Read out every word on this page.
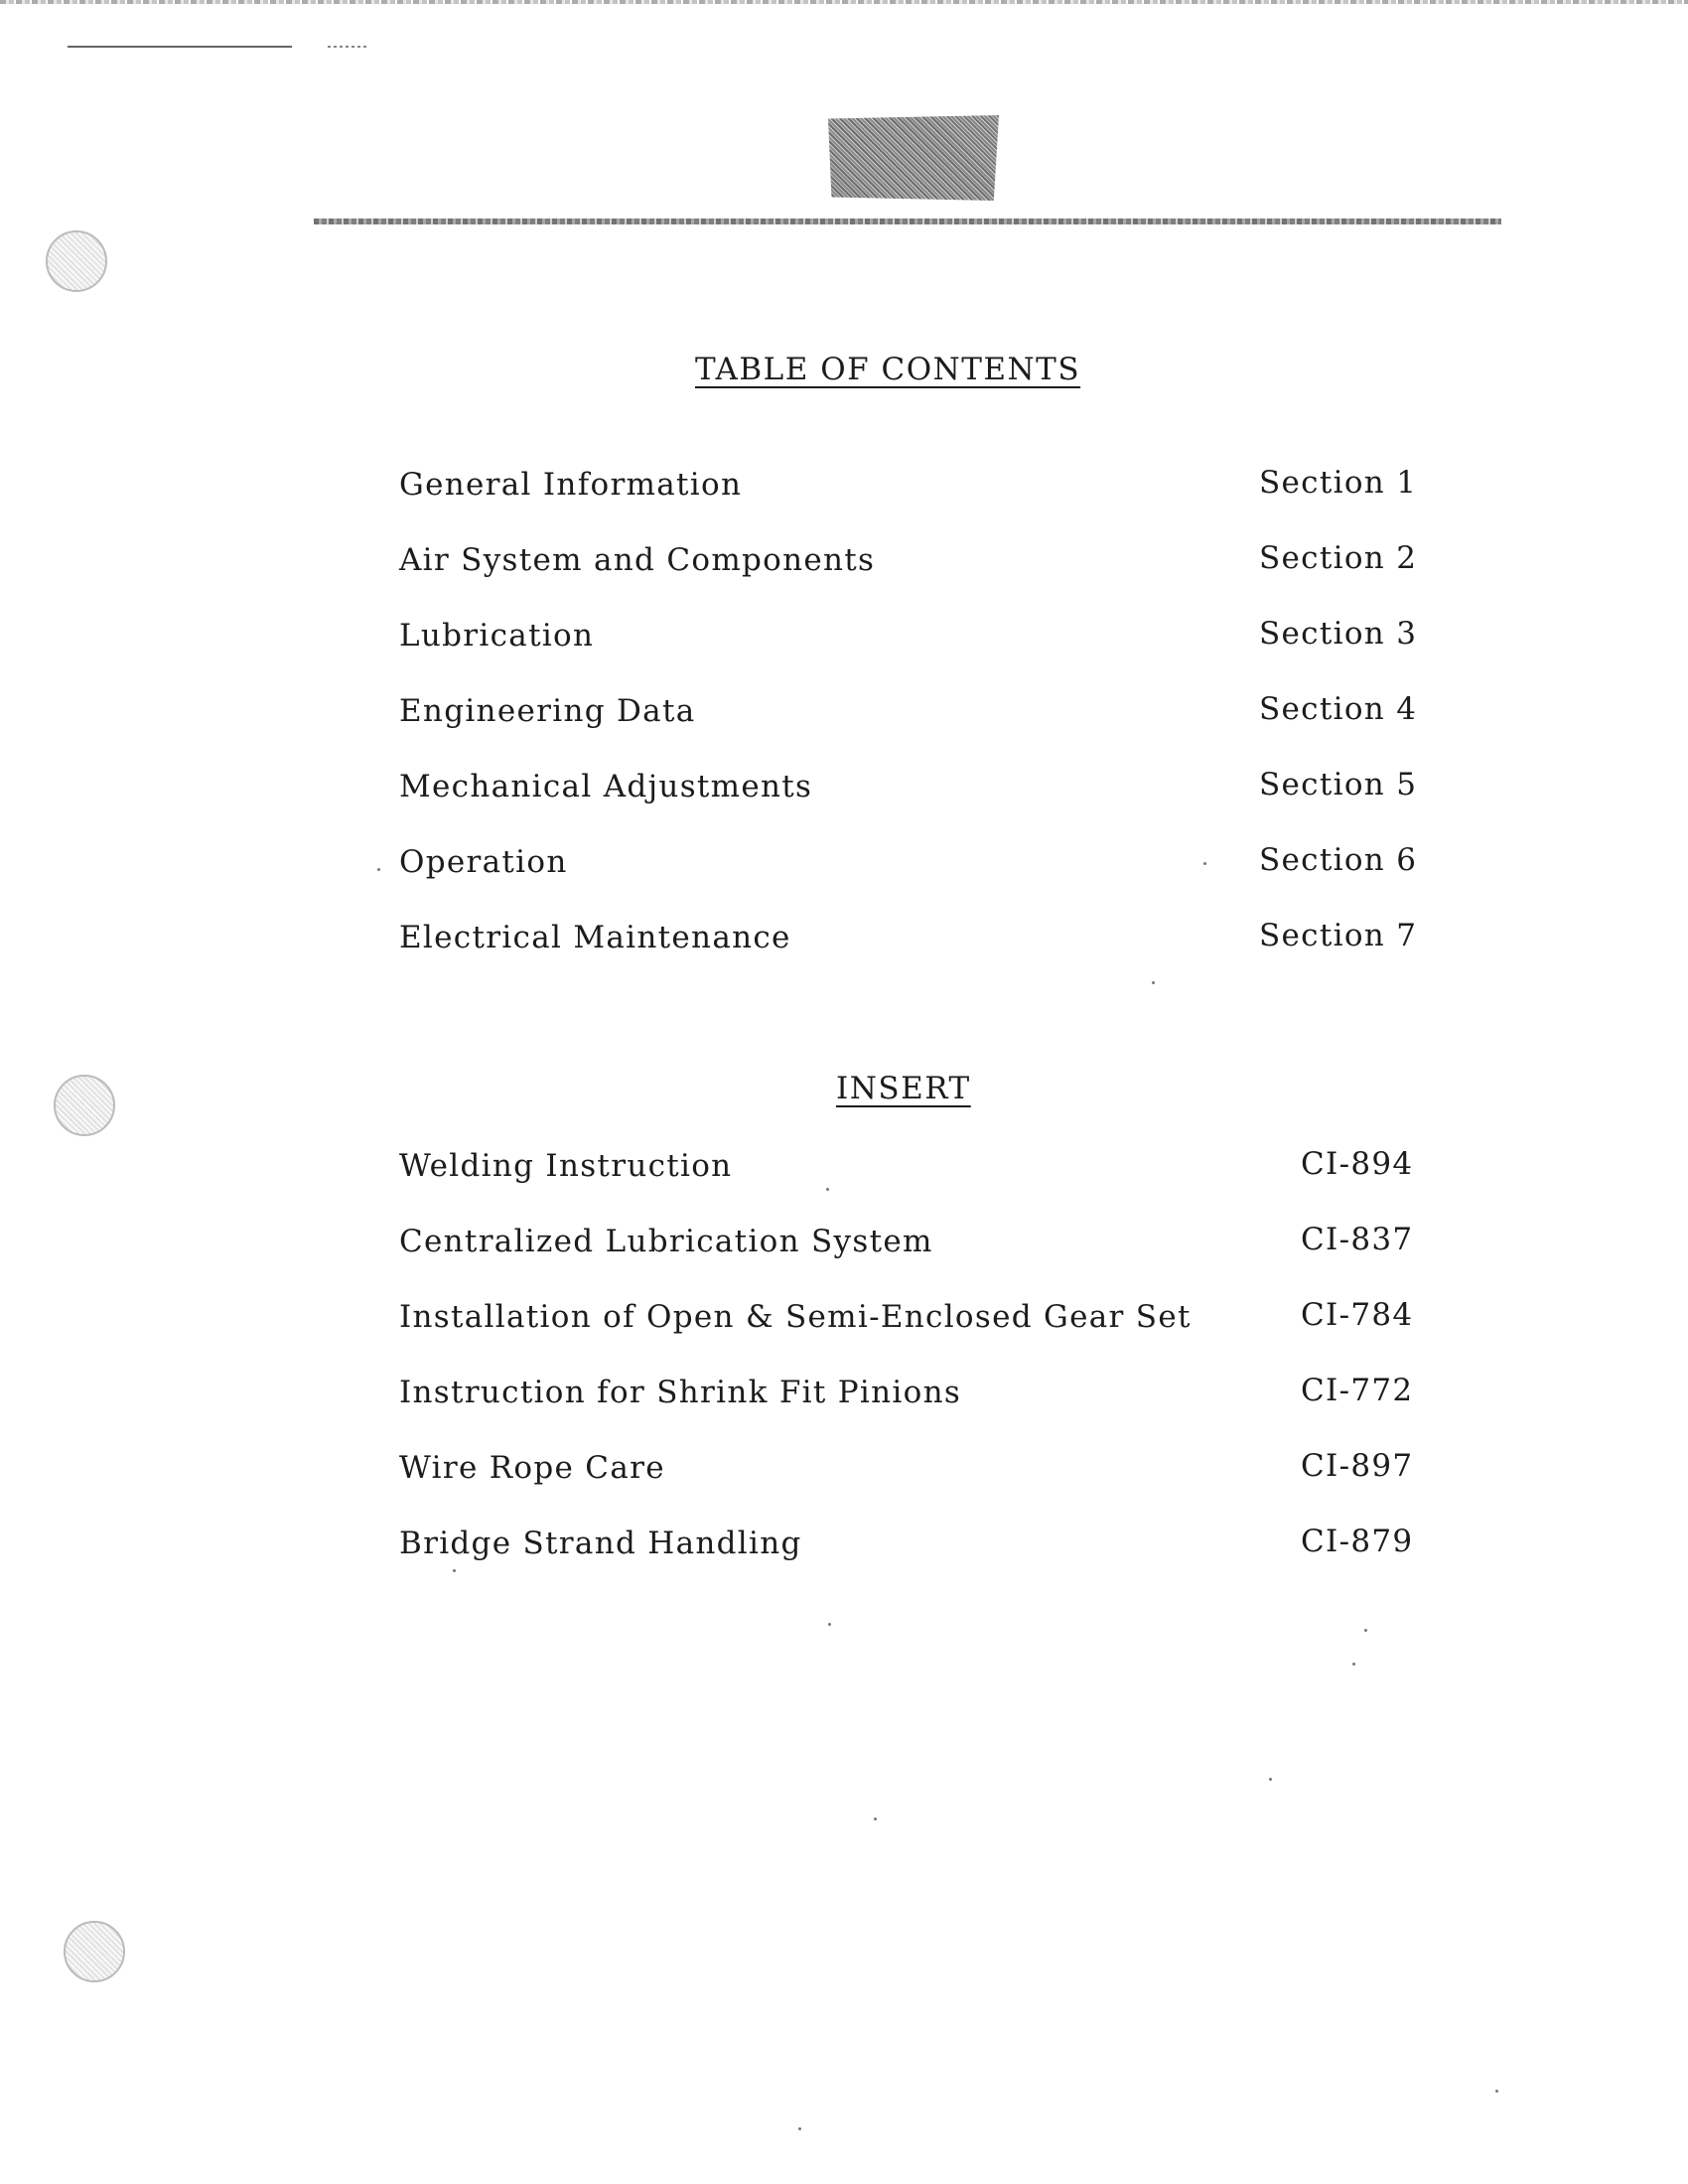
TABLE OF CONTENTS
General Information	Section 1
Air System and Components	Section 2
Lubrication	Section 3
Engineering Data	Section 4
Mechanical Adjustments	Section 5
Operation	Section 6
Electrical Maintenance	Section 7
INSERT
Welding Instruction	CI-894
Centralized Lubrication System	CI-837
Installation of Open & Semi-Enclosed Gear Set	CI-784
Instruction for Shrink Fit Pinions	CI-772
Wire Rope Care	CI-897
Bridge Strand Handling	CI-879
